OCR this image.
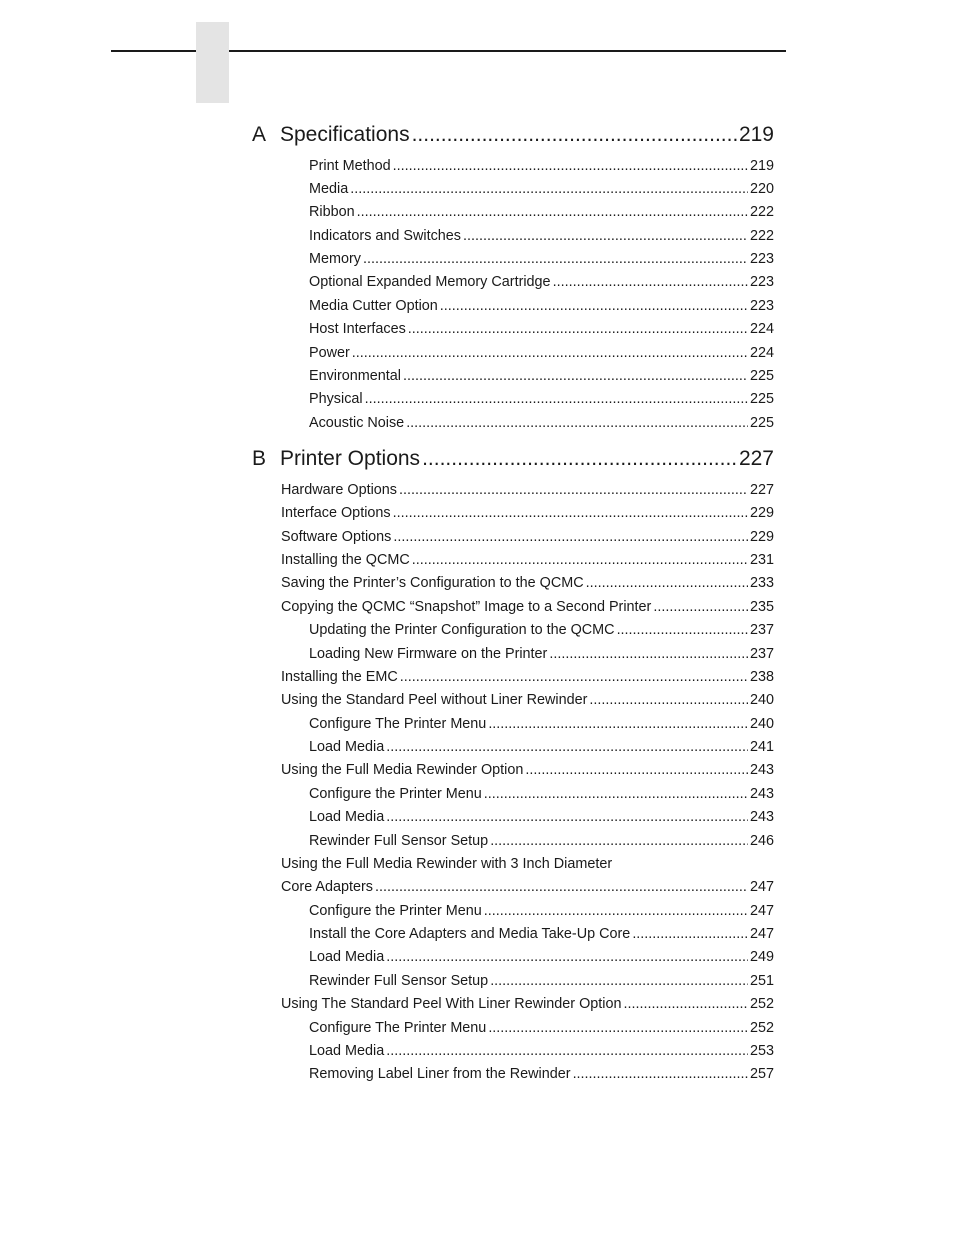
A Specifications .....	219
Print Method .....	219
Media .....	220
Ribbon .....	222
Indicators and Switches .....	222
Memory .....	223
Optional Expanded Memory Cartridge .....	223
Media Cutter Option .....	223
Host Interfaces .....	224
Power .....	224
Environmental .....	225
Physical .....	225
Acoustic Noise .....	225
B Printer Options .....	227
Hardware Options .....	227
Interface Options .....	229
Software Options .....	229
Installing the QCMC .....	231
Saving the Printer’s Configuration to the QCMC .....	233
Copying the QCMC “Snapshot” Image to a Second Printer .....	235
Updating the Printer Configuration to the QCMC .....	237
Loading New Firmware on the Printer .....	237
Installing the EMC .....	238
Using the Standard Peel without Liner Rewinder .....	240
Configure The Printer Menu .....	240
Load Media .....	241
Using the Full Media Rewinder Option .....	243
Configure the Printer Menu .....	243
Load Media .....	243
Rewinder Full Sensor Setup .....	246
Using the Full Media Rewinder with 3 Inch Diameter
Core Adapters .....	247
Configure the Printer Menu .....	247
Install the Core Adapters and Media Take-Up Core .....	247
Load Media .....	249
Rewinder Full Sensor Setup .....	251
Using The Standard Peel With Liner Rewinder Option .....	252
Configure The Printer Menu .....	252
Load Media .....	253
Removing Label Liner from the Rewinder .....	257
